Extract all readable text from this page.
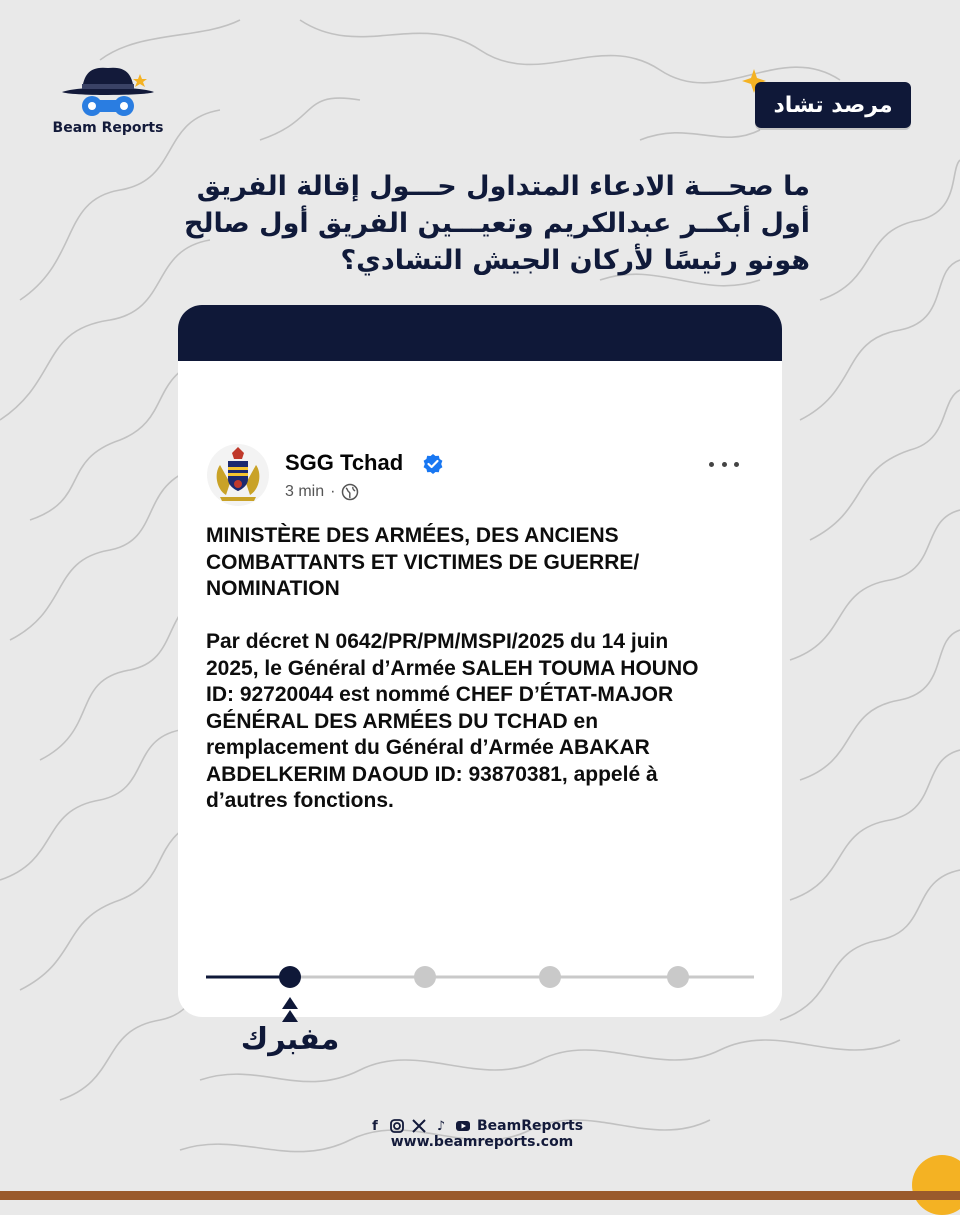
Beam Reports
مرصد تشاد
ما صحـــة الادعاء المتداول حـــول إقالة الفريق
أول أبكــر عبدالكريم وتعيـــين الفريق أول صالح
هونو رئيسًا لأركان الجيش التشادي؟
SGG Tchad
3 min ·
MINISTÈRE DES ARMÉES, DES ANCIENS
COMBATTANTS ET VICTIMES DE GUERRE/
NOMINATION
Par décret N 0642/PR/PM/MSPI/2025 du 14 juin
2025, le Général d’Armée SALEH TOUMA HOUNO
ID: 92720044 est nommé CHEF D’ÉTAT-MAJOR
GÉNÉRAL DES ARMÉES DU TCHAD en
remplacement du Général d’Armée ABAKAR
ABDELKERIM DAOUD ID: 93870381, appelé à
d’autres fonctions.
مفبرك
f	♪ BeamReports
www.beamreports.com
